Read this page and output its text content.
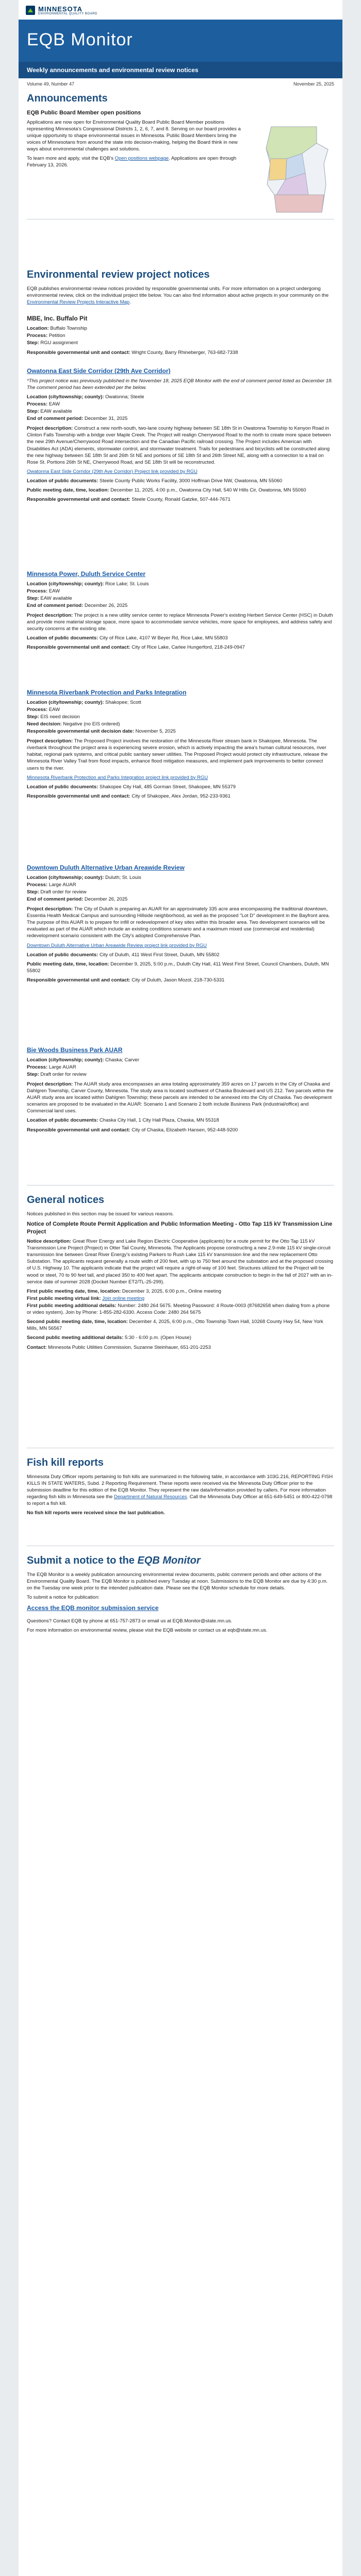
MINNESOTA
ENVIRONMENTAL QUALITY BOARD
EQB Monitor
Weekly announcements and environmental review notices
Volume 49, Number 47	November 25, 2025
Announcements
EQB Public Board Member open positions

Applications are now open for Environmental Quality Board Public Board Member positions representing Minnesota's Congressional Districts 1, 2, 6, 7, and 8. Serving on our board provides a unique opportunity to shape environmental issues in Minnesota. Public Board Members bring the voices of Minnesotans from around the state into decision-making, helping the Board think in new ways about environmental challenges and solutions.

To learn more and apply, visit the EQB's Open positions webpage. Applications are open through February 13, 2026.

Environmental review project notices

EQB publishes environmental review notices provided by responsible governmental units. For more information on a project undergoing environmental review, click on the individual project title below. You can also find information about active projects in your community on the Environmental Review Projects Interactive Map.

MBE, Inc. Buffalo Pit
Location: Buffalo Township
Process: Petition
Step: RGU assignment
Responsible governmental unit and contact: Wright County, Barry Rhineberger, 763-682-7338
Owatonna East Side Corridor (29th Ave Corridor)

*This project notice was previously published in the November 18, 2025 EQB Monitor with the end of comment period listed as December 18. The comment period has been extended per the below.

Location (city/township; county): Owatonna; Steele
Process: EAW
Step: EAW available
End of comment period: December 31, 2025

Project description: Construct a new north-south, two-lane county highway between SE 18th St in Owatonna Township to Kenyon Road in Clinton Falls Township with a bridge over Maple Creek. The Project will realign Cherrywood Road to the north to create more space between the new 29th Avenue/Cherrywood Road intersection and the Canadian Pacific railroad crossing. The Project includes American with Disabilities Act (ADA) elements, stormwater control, and stormwater treatment. Trails for pedestrians and bicyclists will be constructed along the new highway between SE 18th St and 26th St NE and portions of SE 18th St and 26th Street NE, along with a connection to a trail on Rose St. Portions 26th St NE, Cherrywood Road, and SE 18th St will be reconstructed.

Owatonna East Side Corridor (29th Ave Corridor) Project link provided by RGU

Location of public documents: Steele County Public Works Facility, 3000 Hoffman Drive NW, Owatonna, MN 55060

Public meeting date, time, location: December 11, 2025, 4:00 p.m., Owatonna City Hall, 540 W Hills Cir, Owatonna, MN 55060

Responsible governmental unit and contact: Steele County, Ronald Gatzke, 507-444-7671

Minnesota Power, Duluth Service Center
Location (city/township; county): Rice Lake; St. Louis
Process: EAW
Step: EAW available
End of comment period: December 26, 2025

Project description: The project is a new utility service center to replace Minnesota Power's existing Herbert Service Center (HSC) in Duluth and provide more material storage space, more space to accommodate service vehicles, more space for employees, and address safety and security concerns at the existing site.

Location of public documents: City of Rice Lake, 4107 W Beyer Rd, Rice Lake, MN 55803

Responsible governmental unit and contact: City of Rice Lake, Carlee Hungerford, 218-249-0947

Minnesota Riverbank Protection and Parks Integration
Location (city/township; county): Shakopee; Scott
Process: EAW
Step: EIS need decision
Need decision: Negative (no EIS ordered)
Responsible governmental unit decision date: November 5, 2025

Project description: The Proposed Project involves the restoration of the Minnesota River stream bank in Shakopee, Minnesota. The riverbank throughout the project area is experiencing severe erosion, which is actively impacting the area's human cultural resources, river habitat, regional park systems, and critical public sanitary sewer utilities. The Proposed Project would protect city infrastructure, release the Minnesota River Valley Trail from flood impacts, enhance flood mitigation measures, and implement park improvements to better connect users to the river.

Minnesota Riverbank Protection and Parks Integration project link provided by RGU

Location of public documents: Shakopee City Hall, 485 Gorman Street, Shakopee, MN 55379

Responsible governmental unit and contact: City of Shakopee, Alex Jordan, 952-233-9361

Downtown Duluth Alternative Urban Areawide Review
Location (city/township; county): Duluth; St. Louis
Process: Large AUAR
Step: Draft order for review
End of comment period: December 26, 2025

Project description: The City of Duluth is preparing an AUAR for an approximately 335 acre area encompassing the traditional downtown, Essentia Health Medical Campus and surrounding Hillside neighborhood, as well as the proposed "Lot D" development in the Bayfront area. The purpose of this AUAR is to prepare for infill or redevelopment of key sites within this broader area. Two development scenarios will be evaluated as part of the AUAR which include an existing conditions scenario and a maximum mixed use (commercial and residential) redevelopment scenario consistent with the City's adopted Comprehensive Plan.

Downtown Duluth Alternative Urban Areawide Review project link provided by RGU

Location of public documents: City of Duluth, 411 West First Street, Duluth, MN 55802

Public meeting date, time, location: December 9, 2025, 5:00 p.m., Duluth City Hall, 411 West First Street, Council Chambers, Duluth, MN 55802

Responsible governmental unit and contact: City of Duluth, Jason Mozol, 218-730-5331

Bie Woods Business Park AUAR
Location (city/township; county): Chaska; Carver
Process: Large AUAR
Step: Draft order for review

Project description: The AUAR study area encompasses an area totaling approximately 359 acres on 17 parcels in the City of Chaska and Dahlgren Township, Carver County, Minnesota. The study area is located southwest of Chaska Boulevard and US 212. Two parcels within the AUAR study area are located within Dahlgren Township; these parcels are intended to be annexed into the City of Chaska. Two development scenarios are proposed to be evaluated in the AUAR: Scenario 1 and Scenario 2 both include Business Park (industrial/office) and Commercial land uses.

Location of public documents: Chaska City Hall, 1 City Hall Plaza, Chaska, MN 55318

Responsible governmental unit and contact: City of Chaska, Elizabeth Hansen, 952-448-9200

General notices

Notices published in this section may be issued for various reasons.

Notice of Complete Route Permit Application and Public Information Meeting - Otto Tap 115 kV Transmission Line Project

Notice description: Great River Energy and Lake Region Electric Cooperative (applicants) for a route permit for the Otto Tap 115 kV Transmission Line Project (Project) in Otter Tail County, Minnesota. The Applicants propose constructing a new 2.9-mile 115 kV single-circuit transmission line between Great River Energy's existing Parkers to Rush Lake 115 kV transmission line and the new replacement Otto Substation. The applicants request generally a route width of 200 feet, with up to 750 feet around the substation and at the proposed crossing of U.S. Highway 10. The applicants indicate that the project will require a right-of-way of 100 feet. Structures utilized for the Project will be wood or steel, 70 to 90 feet tall, and placed 350 to 400 feet apart. The applicants anticipate construction to begin in the fall of 2027 with an in-service date of summer 2028 (Docket Number ET2/TL-25-299).

First public meeting date, time, location: December 3, 2025, 6:00 p.m., Online meeting
First public meeting virtual link: Join online meeting

First public meeting additional details: Number: 2480 264 5675. Meeting Password: 4 Route-0003 (87682658 when dialing from a phone or video system). Join by Phone: 1-855-282-6330. Access Code: 2480 264 5675

Second public meeting date, time, location: December 4, 2025, 6:00 p.m., Otto Township Town Hall, 10268 County Hwy 54, New York Mills, MN 56567

Second public meeting additional details: 5:30 - 6:00 p.m. (Open House)

Contact: Minnesota Public Utilities Commission, Suzanne Steinhauer, 651-201-2253

Fish kill reports

Minnesota Duty Officer reports pertaining to fish kills are summarized in the following table, in accordance with 103G.216, REPORTING FISH KILLS IN STATE WATERS, Subd. 2 Reporting Requirement. These reports were received via the Minnesota Duty Officer prior to the submission deadline for this edition of the EQB Monitor. They represent the raw data/information provided by callers. For more information regarding fish kills in Minnesota see the Department of Natural Resources. Call the Minnesota Duty Officer at 651-649-5451 or 800-422-0798 to report a fish kill.

No fish kill reports were received since the last publication.

Submit a notice to the EQB Monitor

The EQB Monitor is a weekly publication announcing environmental review documents, public comment periods and other actions of the Environmental Quality Board. The EQB Monitor is published every Tuesday at noon. Submissions to the EQB Monitor are due by 4:30 p.m. on the Tuesday one week prior to the intended publication date. Please see the EQB Monitor schedule for more details.

To submit a notice for publication:

Access the EQB monitor submission service

Questions? Contact EQB by phone at 651-757-2873 or email us at EQB.Monitor@state.mn.us.

For more information on environmental review, please visit the EQB website or contact us at eqb@state.mn.us.
